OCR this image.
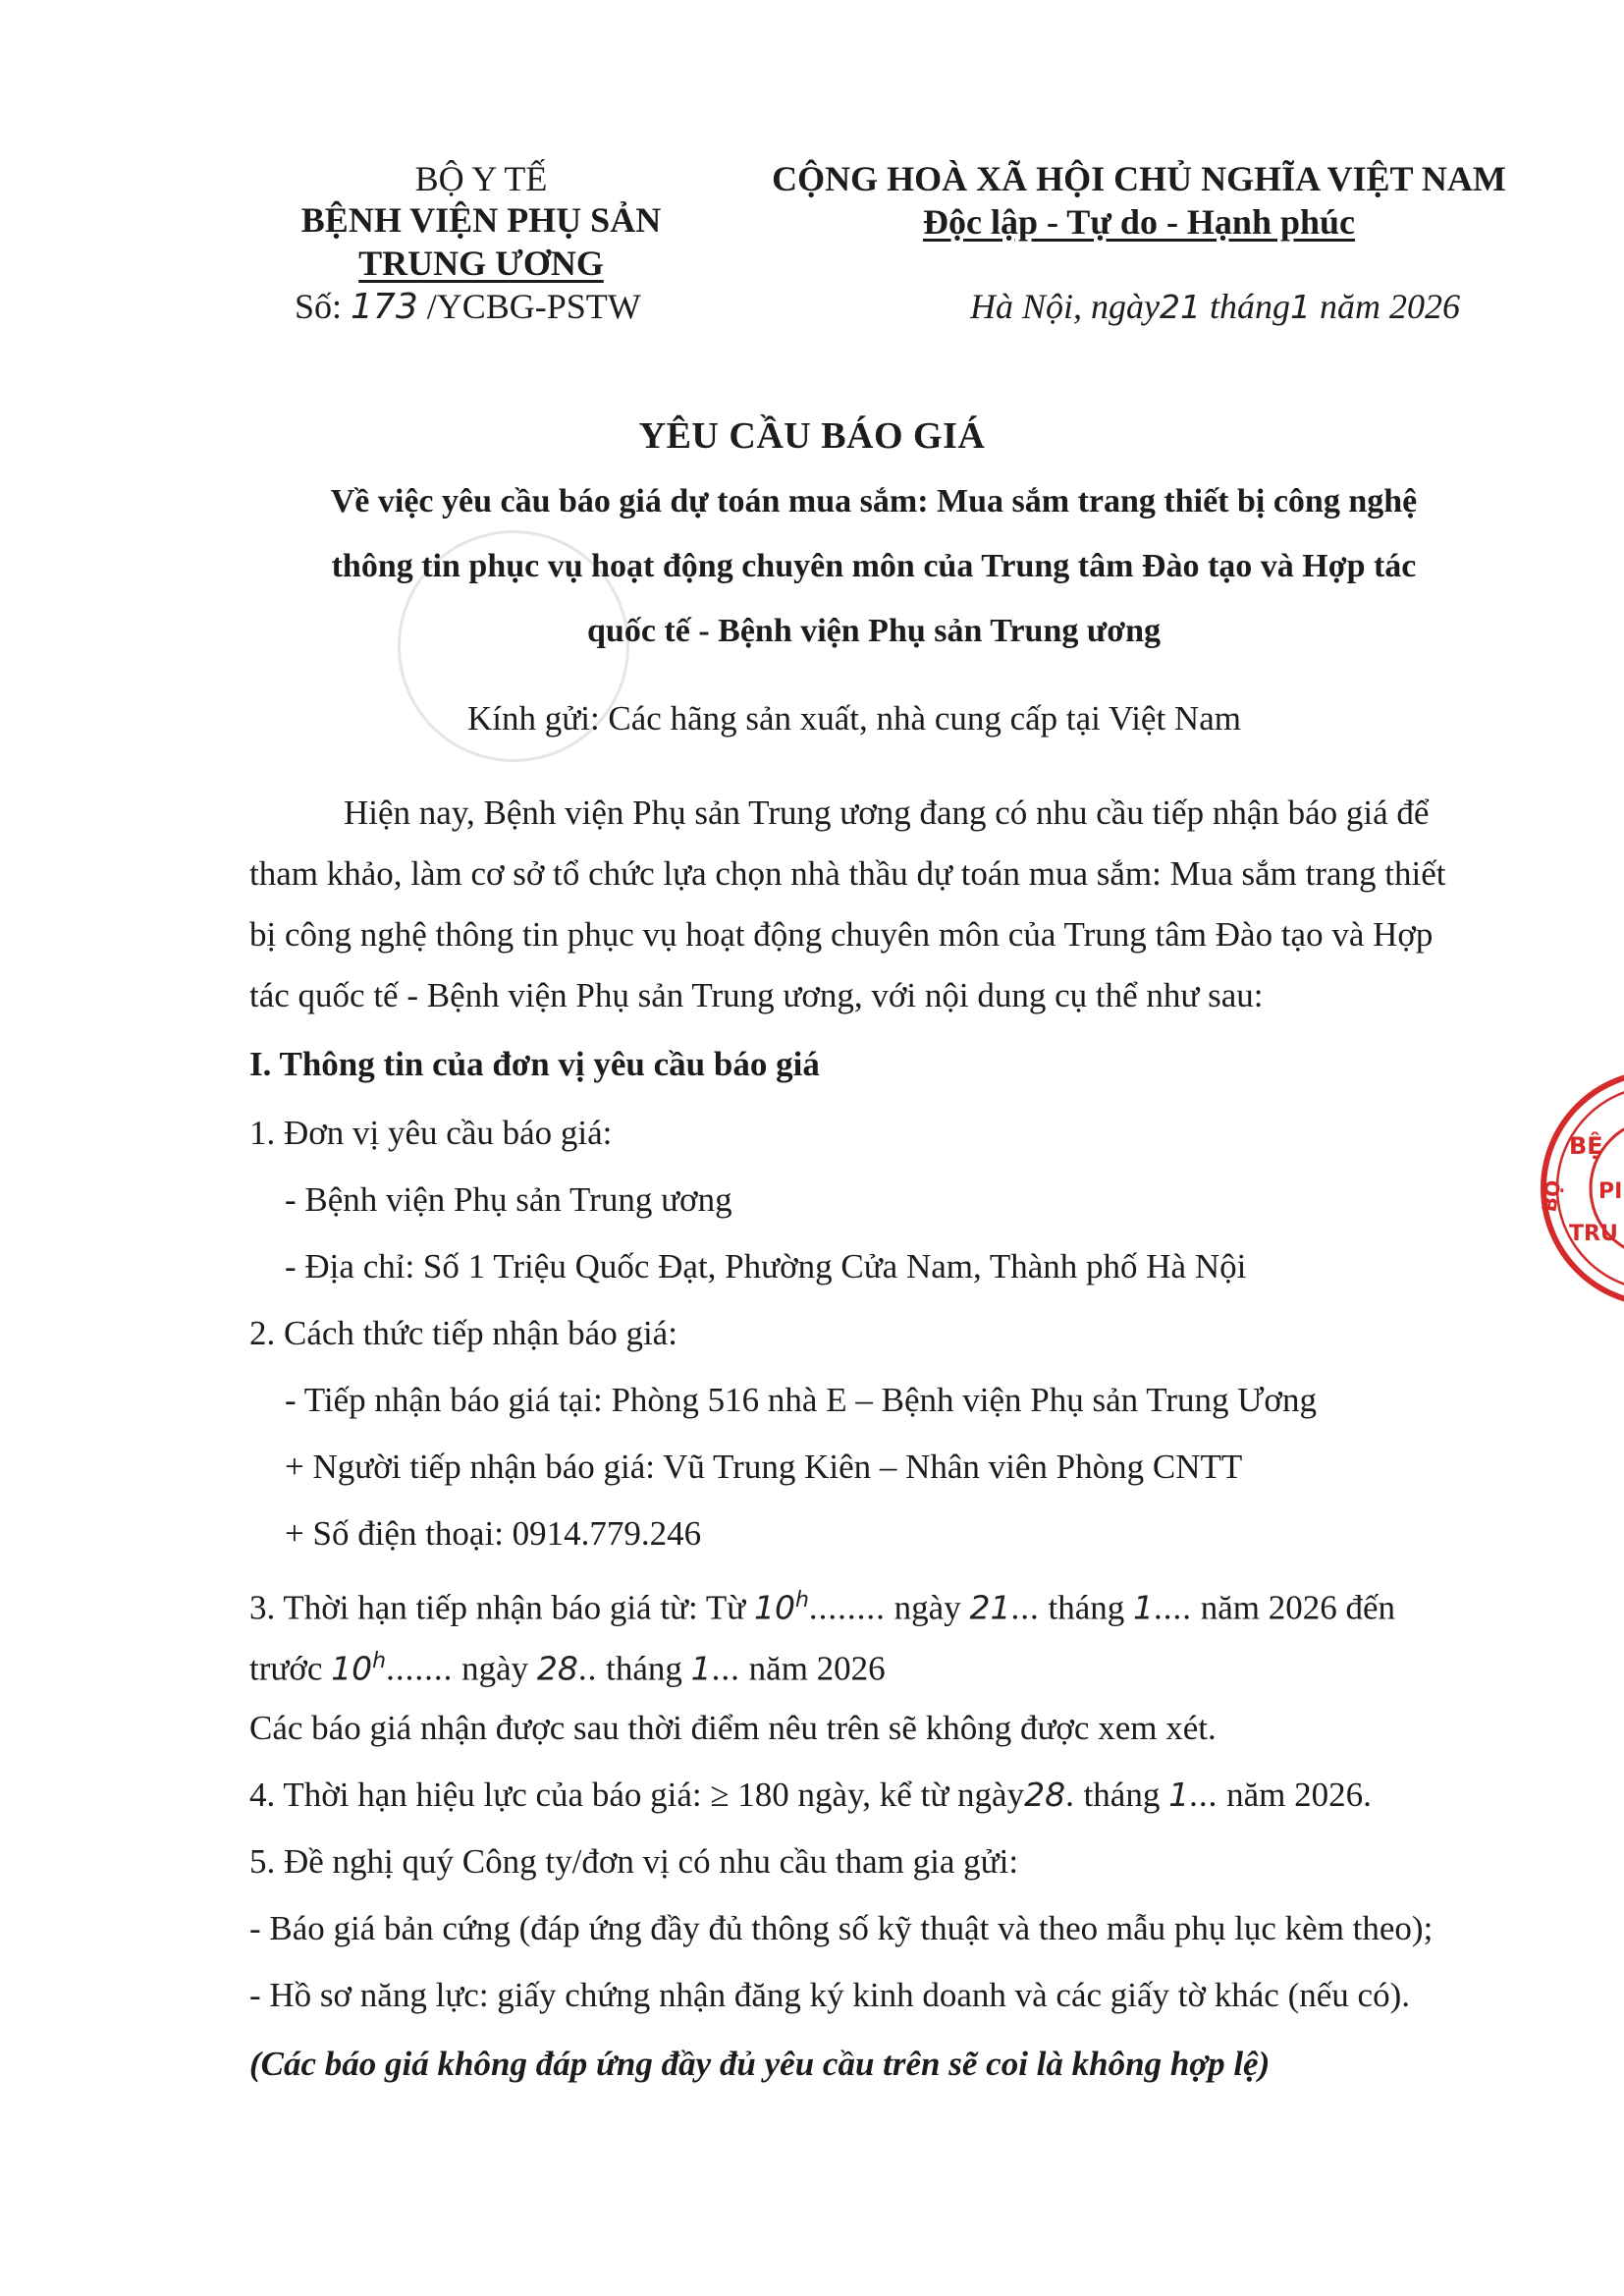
BỘ Y TẾ
BỆNH VIỆN PHỤ SẢN
TRUNG ƯƠNG
Số: 173 /YCBG-PSTW
CỘNG HOÀ XÃ HỘI CHỦ NGHĨA VIỆT NAM
Độc lập - Tự do - Hạnh phúc
Hà Nội, ngày21 tháng1 năm 2026
YÊU CẦU BÁO GIÁ
Về việc yêu cầu báo giá dự toán mua sắm: Mua sắm trang thiết bị công nghệ
thông tin phục vụ hoạt động chuyên môn của Trung tâm Đào tạo và Hợp tác
quốc tế - Bệnh viện Phụ sản Trung ương
Kính gửi: Các hãng sản xuất, nhà cung cấp tại Việt Nam
Hiện nay, Bệnh viện Phụ sản Trung ương đang có nhu cầu tiếp nhận báo giá để
tham khảo, làm cơ sở tổ chức lựa chọn nhà thầu dự toán mua sắm: Mua sắm trang thiết
bị công nghệ thông tin phục vụ hoạt động chuyên môn của Trung tâm Đào tạo và Hợp
tác quốc tế - Bệnh viện Phụ sản Trung ương, với nội dung cụ thể như sau:
I. Thông tin của đơn vị yêu cầu báo giá
1. Đơn vị yêu cầu báo giá:
- Bệnh viện Phụ sản Trung ương
- Địa chỉ: Số 1 Triệu Quốc Đạt, Phường Cửa Nam, Thành phố Hà Nội
2. Cách thức tiếp nhận báo giá:
- Tiếp nhận báo giá tại: Phòng 516 nhà E – Bệnh viện Phụ sản Trung Ương
+ Người tiếp nhận báo giá: Vũ Trung Kiên – Nhân viên Phòng CNTT
+ Số điện thoại: 0914.779.246
3. Thời hạn tiếp nhận báo giá từ: Từ 10$^h$........ ngày 21... tháng 1.... năm 2026 đến
trước 10$^h$....... ngày 28.. tháng 1... năm 2026
Các báo giá nhận được sau thời điểm nêu trên sẽ không được xem xét.
4. Thời hạn hiệu lực của báo giá: ≥ 180 ngày, kể từ ngày28. tháng 1... năm 2026.
5. Đề nghị quý Công ty/đơn vị có nhu cầu tham gia gửi:
- Báo giá bản cứng (đáp ứng đầy đủ thông số kỹ thuật và theo mẫu phụ lục kèm theo);
- Hồ sơ năng lực: giấy chứng nhận đăng ký kinh doanh và các giấy tờ khác (nếu có).
(Các báo giá không đáp ứng đầy đủ yêu cầu trên sẽ coi là không hợp lệ)
BỆ
PI
TRU
BỘ
